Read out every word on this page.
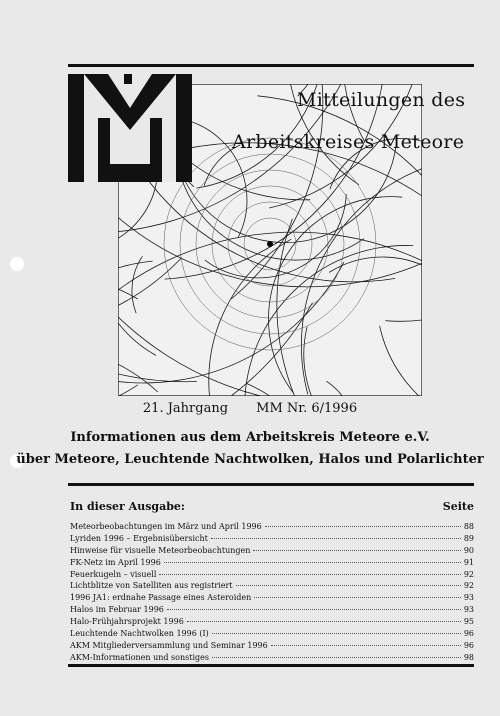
Mitteilungen des
Arbeitskreises Meteore
21. Jahrgang MM Nr. 6/1996
Informationen aus dem Arbeitskreis Meteore e.V.
über Meteore, Leuchtende Nachtwolken, Halos und Polarlichter
In dieser Ausgabe:	Seite
Meteorbeobachtungen im März und April 1996	88
Lyriden 1996 – Ergebnisübersicht	89
Hinweise für visuelle Meteorbeobachtungen	90
FK-Netz im April 1996	91
Feuerkugeln – visuell	92
Lichtblitze von Satelliten aus registriert	92
1996 JA1: erdnahe Passage eines Asteroiden	93
Halos im Februar 1996	93
Halo-Frühjahrsprojekt 1996	95
Leuchtende Nachtwolken 1996 (I)	96
AKM Mitgliederversammlung und Seminar 1996	96
AKM-Informationen und sonstiges	98
